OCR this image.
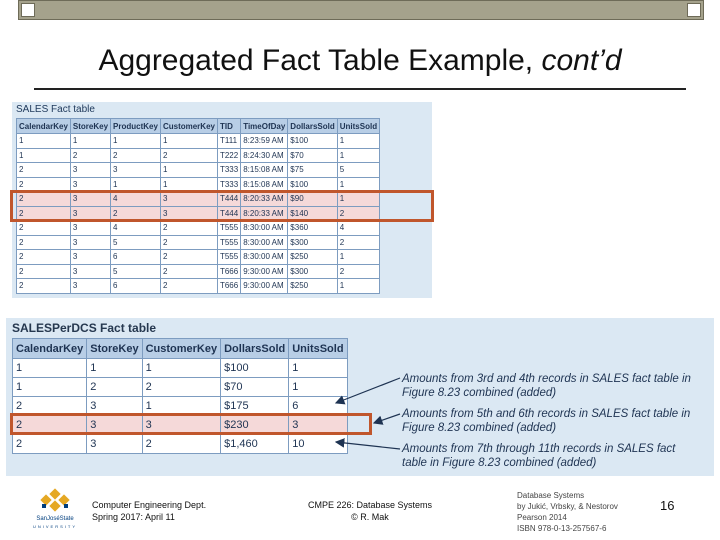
Aggregated Fact Table Example, cont’d
SALES Fact table
CalendarKey	StoreKey	ProductKey	CustomerKey	TID	TimeOfDay	DollarsSold	UnitsSold
1	1	1	1	T111	8:23:59 AM	$100	1
1	2	2	2	T222	8:24:30 AM	$70	1
2	3	3	1	T333	8:15:08 AM	$75	5
2	3	1	1	T333	8:15:08 AM	$100	1
2	3	4	3	T444	8:20:33 AM	$90	1
2	3	2	3	T444	8:20:33 AM	$140	2
2	3	4	2	T555	8:30:00 AM	$360	4
2	3	5	2	T555	8:30:00 AM	$300	2
2	3	6	2	T555	8:30:00 AM	$250	1
2	3	5	2	T666	9:30:00 AM	$300	2
2	3	6	2	T666	9:30:00 AM	$250	1
SALESPerDCS Fact table
CalendarKey	StoreKey	CustomerKey	DollarsSold	UnitsSold
1	1	1	$100	1
1	2	2	$70	1
2	3	1	$175	6
2	3	3	$230	3
2	3	2	$1,460	10
Amounts from 3rd and 4th records in SALES fact table in
Figure 8.23 combined (added)
Amounts from 5th and 6th records in SALES fact table in
Figure 8.23 combined (added)
Amounts from 7th through 11th records in SALES fact
table in Figure 8.23 combined (added)
SanJoséState
UNIVERSITY
Computer Engineering Dept.
Spring 2017: April 11
CMPE 226: Database Systems
© R. Mak
Database Systems
by Jukić, Vrbsky, & Nestorov
Pearson 2014
ISBN 978-0-13-257567-6
16
